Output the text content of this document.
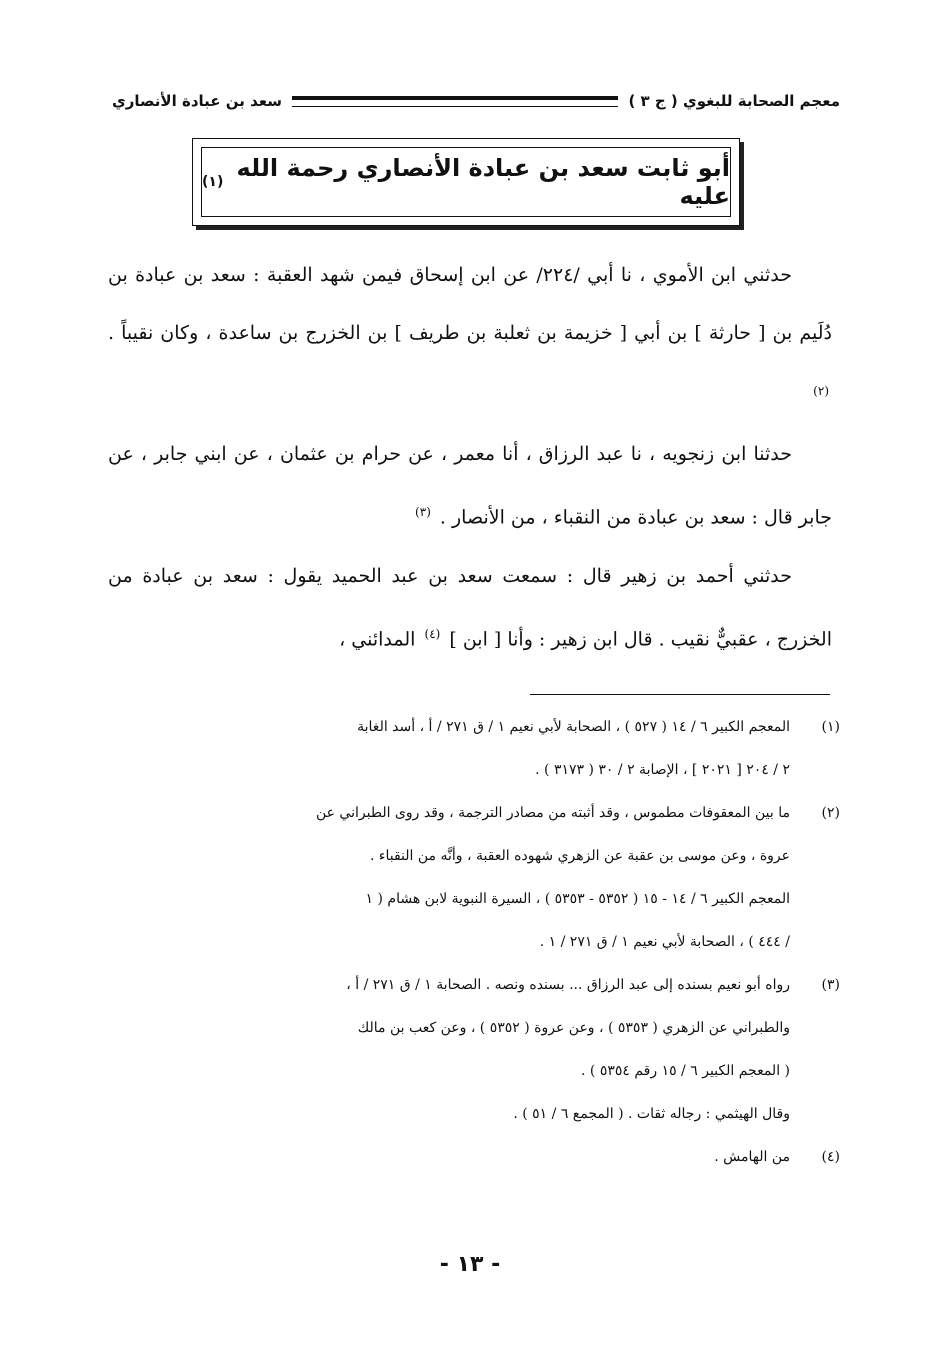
معجم الصحابة للبغوي ( ج ٣ )
سعد بن عبادة الأنصاري
أبو ثابت سعد بن عبادة الأنصاري رحمة الله عليه
(١)

حدثني ابن الأموي ، نا أبي /٢٢٤/ عن ابن إسحاق فيمن شهد العقبة : سعد بن عبادة بن دُلَيم بن [ حارثة ] بن أبي [ خزيمة بن ثعلبة بن طريف ] بن الخزرج بن ساعدة ، وكان نقيباً . $^{(٢)}$

حدثنا ابن زنجويه ، نا عبد الرزاق ، أنا معمر ، عن حرام بن عثمان ، عن ابني جابر ، عن جابر قال : سعد بن عبادة من النقباء ، من الأنصار . $^{(٣)}$

حدثني أحمد بن زهير قال : سمعت سعد بن عبد الحميد يقول : سعد بن عبادة من الخزرج ، عقبيٌّ نقيب . قال ابن زهير : وأنا [ ابن ] $^{(٤)}$ المدائني ،

(١)

المعجم الكبير ٦ / ١٤ ( ٥٢٧ ) ، الصحابة لأبي نعيم ١ / ق ٢٧١ / أ ، أسد الغابة

٢ / ٢٠٤ [ ٢٠٢١ ] ، الإصابة ٢ / ٣٠ ( ٣١٧٣ ) .

(٢)

ما بين المعقوفات مطموس ، وقد أثبته من مصادر الترجمة ، وقد روى الطبراني عن

عروة ، وعن موسى بن عقبة عن الزهري شهوده العقبة ، وأنَّه من النقباء .

المعجم الكبير ٦ / ١٤ - ١٥ ( ٥٣٥٢ - ٥٣٥٣ ) ، السيرة النبوية لابن هشام ( ١

/ ٤٤٤ ) ، الصحابة لأبي نعيم ١ / ق ٢٧١ / ١ .

(٣)

رواه أبو نعيم بسنده إلى عبد الرزاق ... بسنده ونصه . الصحابة ١ / ق ٢٧١ / أ ،

والطبراني عن الزهري ( ٥٣٥٣ ) ، وعن عروة ( ٥٣٥٢ ) ، وعن كعب بن مالك

( المعجم الكبير ٦ / ١٥ رقم ٥٣٥٤ ) .

وقال الهيثمي : رجاله ثقات . ( المجمع ٦ / ٥١ ) .

(٤)

من الهامش .

- ١٣ -
